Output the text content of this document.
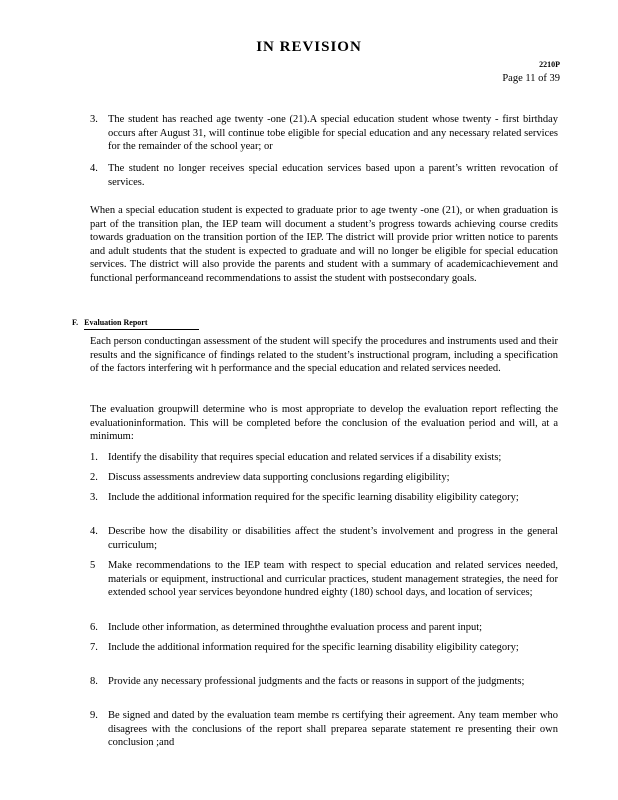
IN REVISION
2210P
Page 11 of 39
3. The student has reached age twenty -one (21).A special education student whose twenty - first birthday occurs after August 31, will continue tobe eligible for special education and any necessary related services for the remainder of the school year; or
4. The student no longer receives special education services based upon a parent’s written revocation of services.
When a special education student is expected to graduate prior to age twenty -one (21), or when graduation is part of the transition plan, the IEP team will document a student’s progress towards achieving course credits towards graduation on the transition portion of the IEP. The district will provide prior written notice to parents and adult students that the student is expected to graduate and will no longer be eligible for special education services. The district will also provide the parents and student with a summary of academicachievement and functional performanceand recommendations to assist the student with postsecondary goals.
F. Evaluation Report
Each person conductingan assessment of the student will specify the procedures and instruments used and their results and the significance of findings related to the student’s instructional program, including a specification of the factors interfering wit h performance and the special education and related services needed.
The evaluation groupwill determine who is most appropriate to develop the evaluation report reflecting the evaluationinformation. This will be completed before the conclusion of the evaluation period and will, at a minimum:
1. Identify the disability that requires special education and related services if a disability exists;
2. Discuss assessments andreview data supporting conclusions regarding eligibility;
3. Include the additional information required for the specific learning disability eligibility category;
4. Describe how the disability or disabilities affect the student’s involvement and progress in the general curriculum;
5	Make recommendations to the IEP team with respect to special education and related services needed, materials or equipment, instructional and curricular practices, student management strategies, the need for extended school year services beyondone hundred eighty (180) school days, and location of services;
6. Include other information, as determined throughthe evaluation process and parent input;
7. Include the additional information required for the specific learning disability eligibility category;
8. Provide any necessary professional judgments and the facts or reasons in support of the judgments;
9. Be signed and dated by the evaluation team membe rs certifying their agreement. Any team member who disagrees with the conclusions of the report shall preparea separate statement re presenting their own conclusion ;and
